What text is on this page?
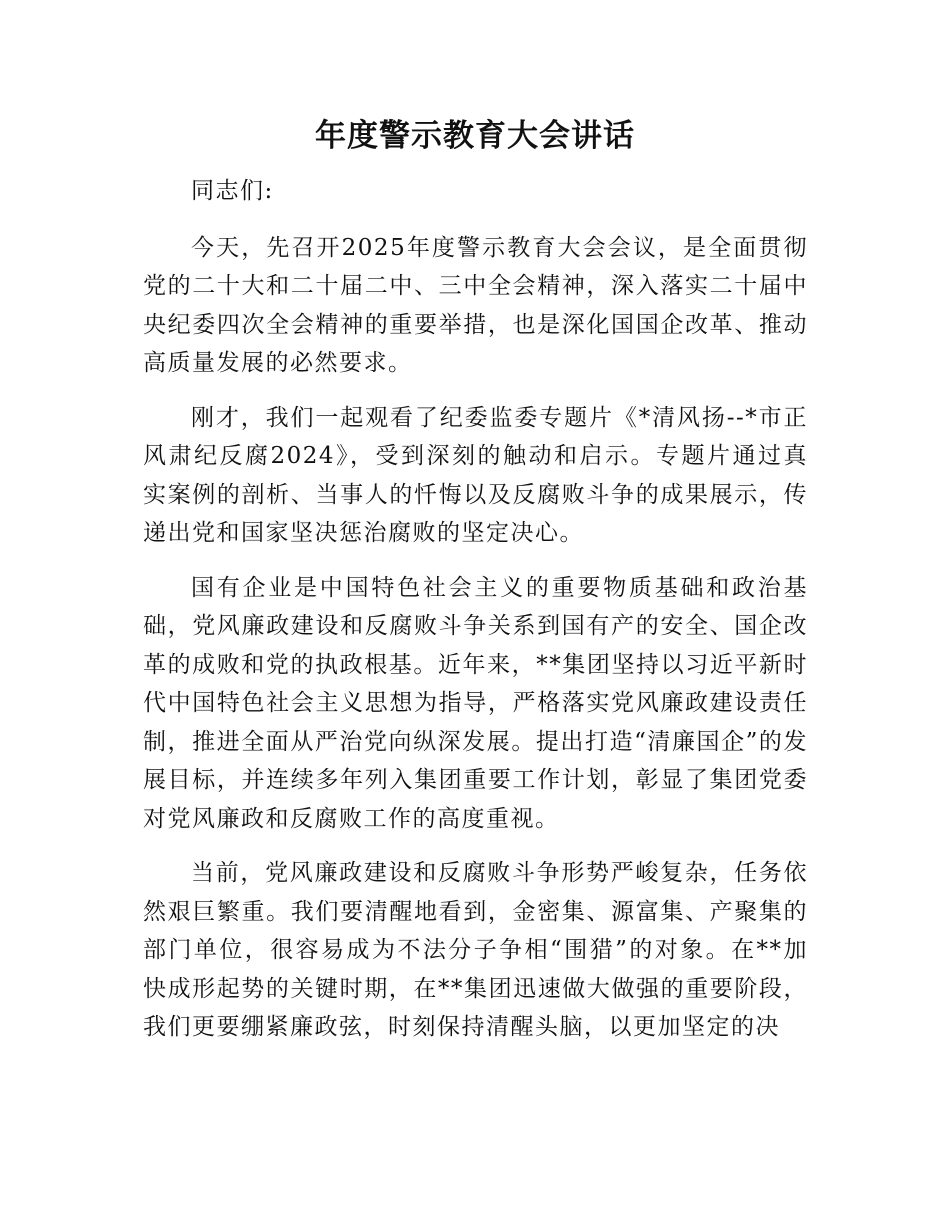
年度警示教育大会讲话

同志们:

今天，先召开2025年度警示教育大会会议，是全面贯彻党的二十大和二十届二中、三中全会精神，深入落实二十届中央纪委四次全会精神的重要举措，也是深化国国企改革、推动高质量发展的必然要求。

刚才，我们一起观看了纪委监委专题片《*清风扬--*市正风肃纪反腐2024》，受到深刻的触动和启示。专题片通过真实案例的剖析、当事人的忏悔以及反腐败斗争的成果展示，传递出党和国家坚决惩治腐败的坚定决心。

国有企业是中国特色社会主义的重要物质基础和政治基础，党风廉政建设和反腐败斗争关系到国有产的安全、国企改革的成败和党的执政根基。近年来，**集团坚持以习近平新时代中国特色社会主义思想为指导，严格落实党风廉政建设责任制，推进全面从严治党向纵深发展。提出打造“清廉国企”的发展目标，并连续多年列入集团重要工作计划，彰显了集团党委对党风廉政和反腐败工作的高度重视。

当前，党风廉政建设和反腐败斗争形势严峻复杂，任务依然艰巨繁重。我们要清醒地看到，金密集、源富集、产聚集的部门单位，很容易成为不法分子争相“围猎”的对象。在**加快成形起势的关键时期，在**集团迅速做大做强的重要阶段，我们更要绷紧廉政弦，时刻保持清醒头脑，以更加坚定的决
